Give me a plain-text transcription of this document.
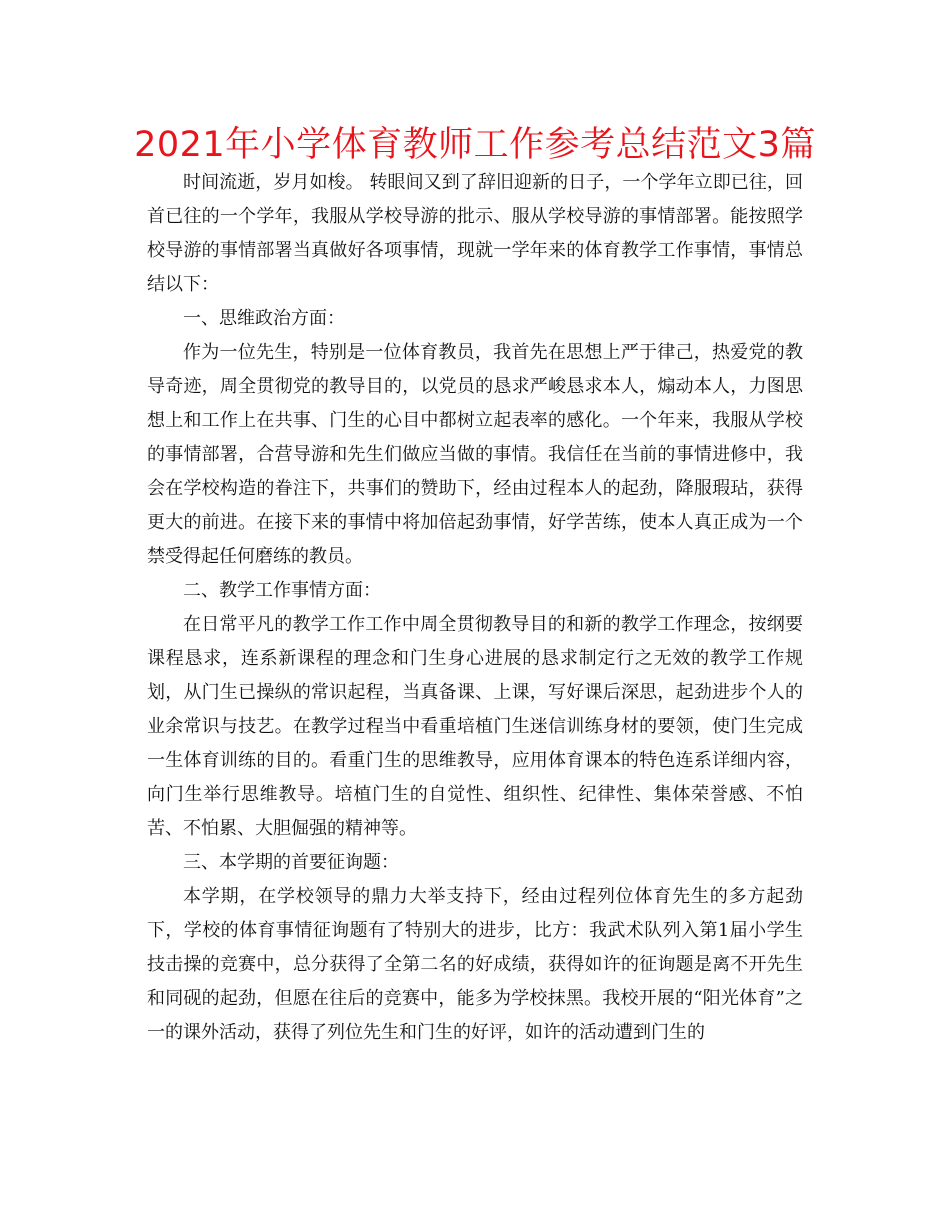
2021年小学体育教师工作参考总结范文3篇

时间流逝，岁月如梭。 转眼间又到了辞旧迎新的日子，一个学年立即已往，回首已往的一个学年，我服从学校导游的批示、服从学校导游的事情部署。能按照学校导游的事情部署当真做好各项事情，现就一学年来的体育教学工作事情，事情总结以下：

一、思维政治方面：

作为一位先生，特别是一位体育教员，我首先在思想上严于律己，热爱党的教导奇迹，周全贯彻党的教导目的，以党员的恳求严峻恳求本人，煽动本人，力图思想上和工作上在共事、门生的心目中都树立起表率的感化。一个年来，我服从学校的事情部署，合营导游和先生们做应当做的事情。我信任在当前的事情进修中，我会在学校构造的眷注下，共事们的赞助下，经由过程本人的起劲，降服瑕玷，获得更大的前进。在接下来的事情中将加倍起劲事情，好学苦练，使本人真正成为一个禁受得起任何磨练的教员。

二、教学工作事情方面：

在日常平凡的教学工作工作中周全贯彻教导目的和新的教学工作理念，按纲要课程恳求，连系新课程的理念和门生身心进展的恳求制定行之无效的教学工作规划，从门生已操纵的常识起程，当真备课、上课，写好课后深思，起劲进步个人的业余常识与技艺。在教学过程当中看重培植门生迷信训练身材的要领，使门生完成一生体育训练的目的。看重门生的思维教导，应用体育课本的特色连系详细内容，向门生举行思维教导。培植门生的自觉性、组织性、纪律性、集体荣誉感、不怕苦、不怕累、大胆倔强的精神等。

三、本学期的首要征询题：

本学期，在学校领导的鼎力大举支持下，经由过程列位体育先生的多方起劲下，学校的体育事情征询题有了特别大的进步，比方：我武术队列入第1届小学生技击操的竞赛中，总分获得了全第二名的好成绩，获得如许的征询题是离不开先生和同砚的起劲，但愿在往后的竞赛中，能多为学校抹黑。我校开展的“阳光体育”之一的课外活动，获得了列位先生和门生的好评，如许的活动遭到门生的
